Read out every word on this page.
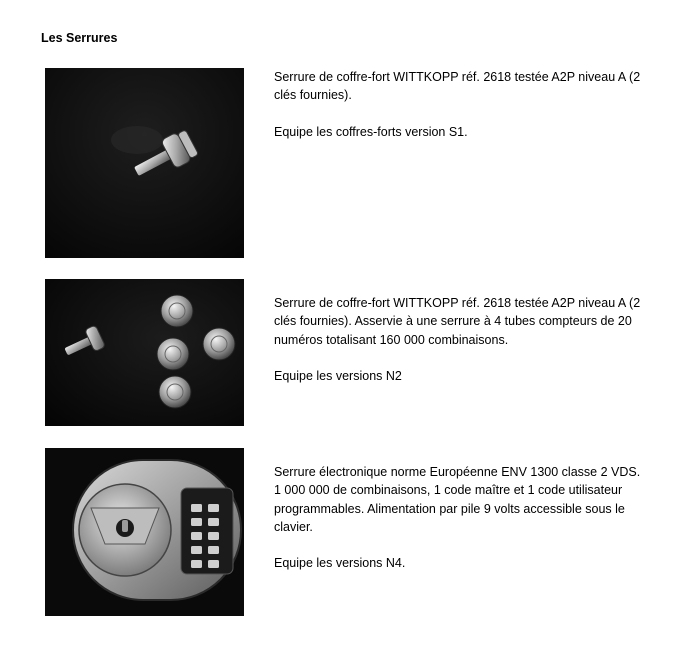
Les Serrures

Serrure de coffre-fort WITTKOPP réf. 2618 testée A2P niveau A (2 clés fournies).

Equipe les coffres-forts version S1.

Serrure de coffre-fort WITTKOPP réf. 2618 testée A2P niveau A (2 clés fournies). Asservie à une serrure à 4 tubes compteurs de 20 numéros totalisant 160 000 combinaisons.

Equipe les versions N2

Serrure électronique norme Européenne ENV 1300 classe 2 VDS. 1 000 000 de combinaisons, 1 code maître et 1 code utilisateur programmables. Alimentation par pile 9 volts accessible sous le clavier.

Equipe les versions N4.
